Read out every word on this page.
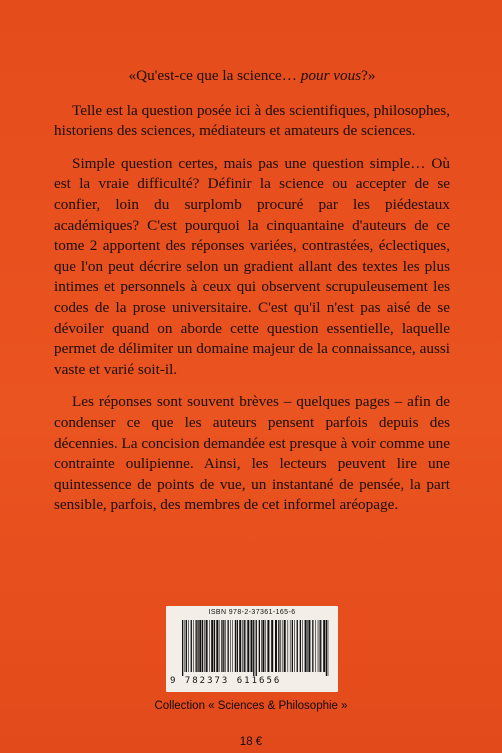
«Qu'est-ce que la science… pour vous?»

Telle est la question posée ici à des scientifiques, philosophes, historiens des sciences, médiateurs et amateurs de sciences.

Simple question certes, mais pas une question simple… Où est la vraie difficulté? Définir la science ou accepter de se confier, loin du surplomb procuré par les piédestaux académiques? C'est pourquoi la cinquantaine d'auteurs de ce tome 2 apportent des réponses variées, contrastées, éclectiques, que l'on peut décrire selon un gradient allant des textes les plus intimes et personnels à ceux qui observent scrupuleusement les codes de la prose universitaire. C'est qu'il n'est pas aisé de se dévoiler quand on aborde cette question essentielle, laquelle permet de délimiter un domaine majeur de la connaissance, aussi vaste et varié soit-il.

Les réponses sont souvent brèves – quelques pages – afin de condenser ce que les auteurs pensent parfois depuis des décennies. La concision demandée est presque à voir comme une contrainte oulipienne. Ainsi, les lecteurs peuvent lire une quintessence de points de vue, un instantané de pensée, la part sensible, parfois, des membres de cet informel aréopage.

ISBN 978-2-37361-165-6
9 782373 611656
Collection « Sciences & Philosophie »
18 €
